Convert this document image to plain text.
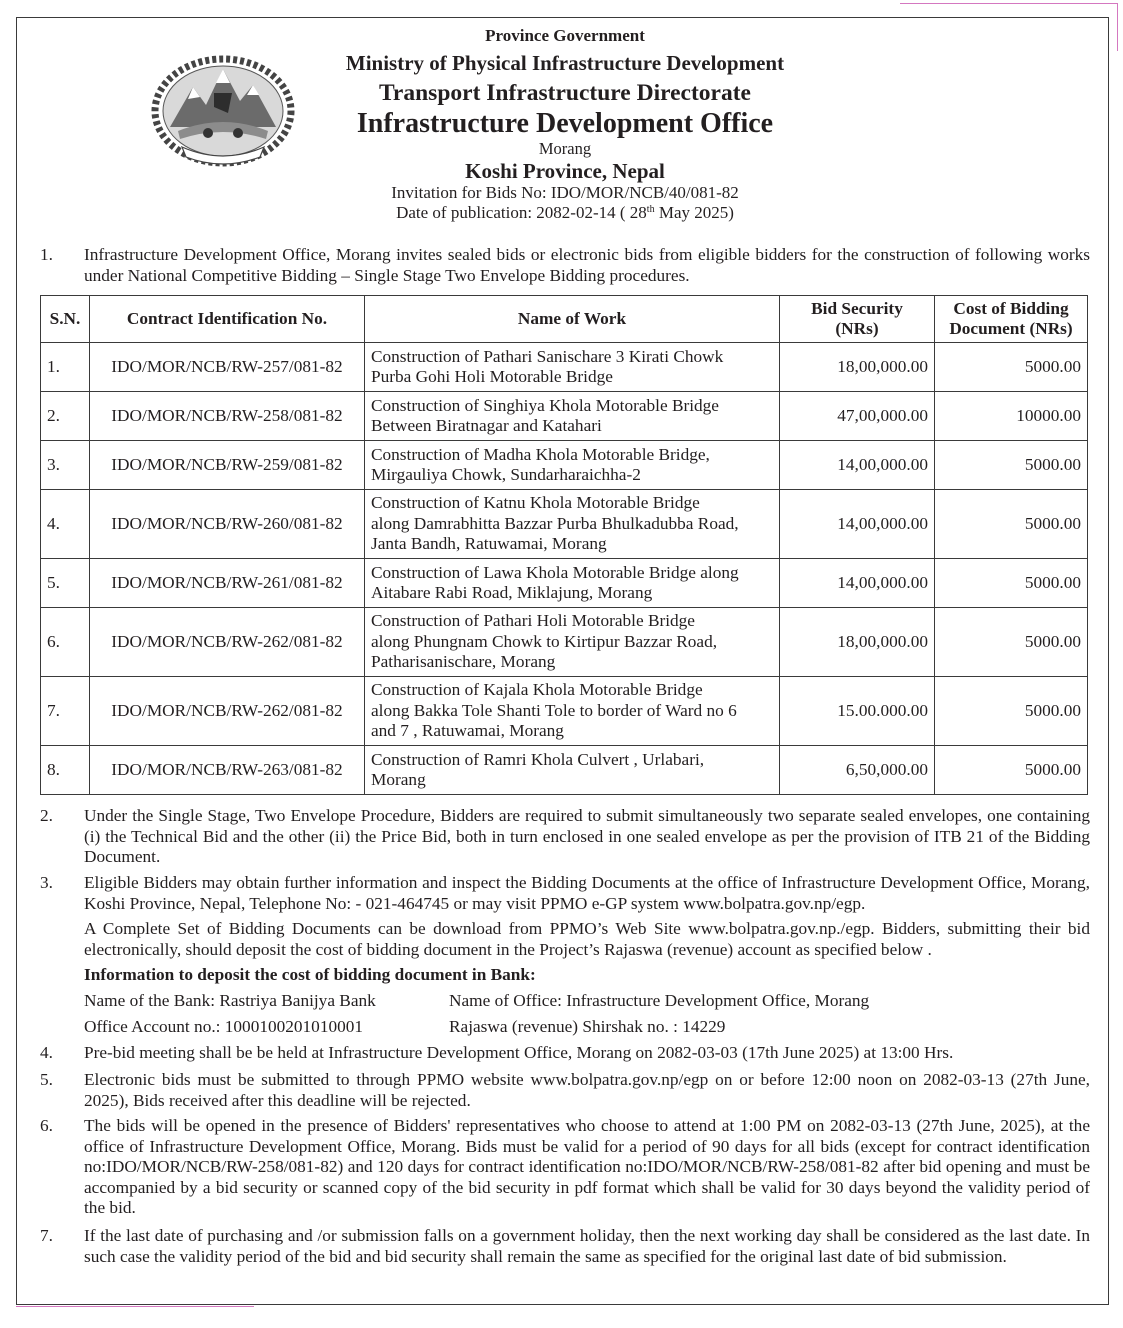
Province Government
Ministry of Physical Infrastructure Development
Transport Infrastructure Directorate
Infrastructure Development Office
Morang
Koshi Province, Nepal
Invitation for Bids No: IDO/MOR/NCB/40/081-82
Date of publication: 2082-02-14 ( 28th May 2025)
1.	Infrastructure Development Office, Morang invites sealed bids or electronic bids from eligible bidders for the construction of following works under National Competitive Bidding – Single Stage Two Envelope Bidding procedures.
S.N.	Contract Identification No.	Name of Work	Bid Security
(NRs)	Cost of Bidding
Document (NRs)
1.	IDO/MOR/NCB/RW-257/081-82	Construction of Pathari Sanischare 3 Kirati Chowk
Purba Gohi Holi Motorable Bridge	18,00,000.00	5000.00
2.	IDO/MOR/NCB/RW-258/081-82	Construction of Singhiya Khola Motorable Bridge
Between Biratnagar and Katahari	47,00,000.00	10000.00
3.	IDO/MOR/NCB/RW-259/081-82	Construction of Madha Khola Motorable Bridge,
Mirgauliya Chowk, Sundarharaichha-2	14,00,000.00	5000.00
4.	IDO/MOR/NCB/RW-260/081-82	Construction of Katnu Khola Motorable Bridge
along Damrabhitta Bazzar Purba Bhulkadubba Road,
Janta Bandh, Ratuwamai, Morang	14,00,000.00	5000.00
5.	IDO/MOR/NCB/RW-261/081-82	Construction of Lawa Khola Motorable Bridge along
Aitabare Rabi Road, Miklajung, Morang	14,00,000.00	5000.00
6.	IDO/MOR/NCB/RW-262/081-82	Construction of Pathari Holi Motorable Bridge
along Phungnam Chowk to Kirtipur Bazzar Road,
Patharisanischare, Morang	18,00,000.00	5000.00
7.	IDO/MOR/NCB/RW-262/081-82	Construction of Kajala Khola Motorable Bridge
along Bakka Tole Shanti Tole to border of Ward no 6
and 7 , Ratuwamai, Morang	15.00.000.00	5000.00
8.	IDO/MOR/NCB/RW-263/081-82	Construction of Ramri Khola Culvert , Urlabari,
Morang	6,50,000.00	5000.00
2.	Under the Single Stage, Two Envelope Procedure, Bidders are required to submit simultaneously two separate sealed envelopes, one containing (i) the Technical Bid and the other (ii) the Price Bid, both in turn enclosed in one sealed envelope as per the provision of ITB 21 of the Bidding Document.
3.	Eligible Bidders may obtain further information and inspect the Bidding Documents at the office of Infrastructure Development Office, Morang, Koshi Province, Nepal, Telephone No: - 021-464745 or may visit PPMO e-GP system www.bolpatra.gov.np/egp.
A Complete Set of Bidding Documents can be download from PPMO’s Web Site www.bolpatra.gov.np./egp. Bidders, submitting their bid electronically, should deposit the cost of bidding document in the Project’s Rajaswa (revenue) account as specified below .
Information to deposit the cost of bidding document in Bank:
Name of the Bank: Rastriya Banijya Bank	Name of Office: Infrastructure Development Office, Morang
Office Account no.: 1000100201010001	Rajaswa (revenue) Shirshak no. : 14229
4.	Pre-bid meeting shall be be held at Infrastructure Development Office, Morang on 2082-03-03 (17th June 2025) at 13:00 Hrs.
5.	Electronic bids must be submitted to through PPMO website www.bolpatra.gov.np/egp on or before 12:00 noon on 2082-03-13 (27th June, 2025), Bids received after this deadline will be rejected.
6.	The bids will be opened in the presence of Bidders' representatives who choose to attend at 1:00 PM on 2082-03-13 (27th June, 2025), at the office of Infrastructure Development Office, Morang. Bids must be valid for a period of 90 days for all bids (except for contract identification no:IDO/MOR/NCB/RW-258/081-82) and 120 days for contract identification no:IDO/MOR/NCB/RW-258/081-82 after bid opening and must be accompanied by a bid security or scanned copy of the bid security in pdf format which shall be valid for 30 days beyond the validity period of the bid.
7.	If the last date of purchasing and /or submission falls on a government holiday, then the next working day shall be considered as the last date. In such case the validity period of the bid and bid security shall remain the same as specified for the original last date of bid submission.
